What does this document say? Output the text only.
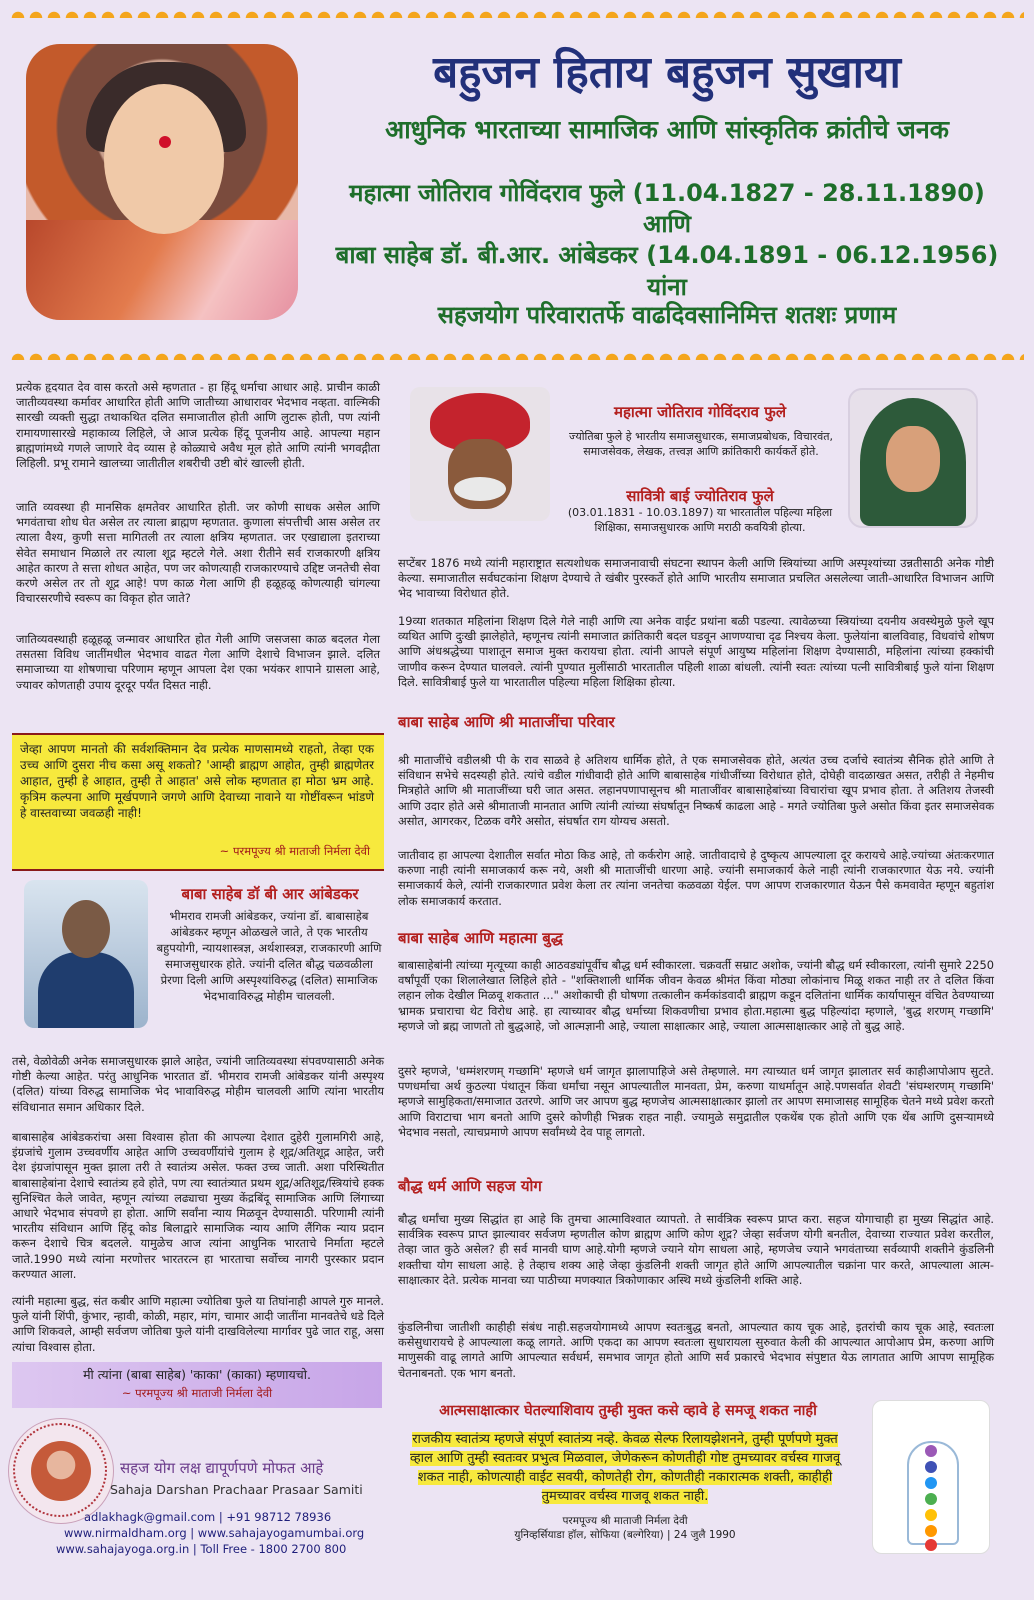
बहुजन हिताय बहुजन सुखाया
आधुनिक भारताच्या सामाजिक आणि सांस्कृतिक क्रांतीचे जनक
महात्मा जोतिराव गोविंदराव फुले (11.04.1827 - 28.11.1890)
आणि
बाबा साहेब डॉ. बी.आर. आंबेडकर (14.04.1891 - 06.12.1956)
यांना
सहजयोग परिवारातर्फे वाढदिवसानिमित्त शतशः प्रणाम

प्रत्येक हृदयात देव वास करतो असे म्हणतात - हा हिंदू धर्माचा आधार आहे. प्राचीन काळी जातीव्यवस्था कर्मावर आधारित होती आणि जातीच्या आधारावर भेदभाव नव्हता. वाल्मिकी सारखी व्यक्ती सुद्धा तथाकथित दलित समाजातील होती आणि लुटारू होती, पण त्यांनी रामायणासारखे महाकाव्य लिहिले, जे आज प्रत्येक हिंदू पूजनीय आहे. आपल्या महान ब्राह्मणांमध्ये गणले जाणारे वेद व्यास हे कोळ्याचे अवैध मूल होते आणि त्यांनी भगवद्गीता लिहिली. प्रभू रामाने खालच्या जातीतील शबरीची उष्टी बोरं खाल्ली होती.

जाति व्यवस्था ही मानसिक क्षमतेवर आधारित होती. जर कोणी साधक असेल आणि भगवंताचा शोध घेत असेल तर त्याला ब्राह्मण म्हणतात. कुणाला संपत्तीची आस असेल तर त्याला वैश्य, कुणी सत्ता मागितली तर त्याला क्षत्रिय म्हणतात. जर एखाद्याला इतराच्या सेवेत समाधान मिळाले तर त्याला शूद्र म्हटले गेले. अशा रीतीने सर्व राजकारणी क्षत्रिय आहेत कारण ते सत्ता शोधत आहेत, पण जर कोणत्याही राजकारण्याचे उद्दिष्ट जनतेची सेवा करणे असेल तर तो शूद्र आहे! पण काळ गेला आणि ही हळूहळू कोणत्याही चांगल्या विचारसरणीचे स्वरूप का विकृत होत जाते?

जातिव्यवस्थाही हळूहळू जन्मावर आधारित होत गेली आणि जसजसा काळ बदलत गेला तसतसा विविध जातींमधील भेदभाव वाढत गेला आणि देशाचे विभाजन झाले. दलित समाजाच्या या शोषणाचा परिणाम म्हणून आपला देश एका भयंकर शापाने ग्रासला आहे, ज्यावर कोणताही उपाय दूरदूर पर्यंत दिसत नाही.

जेव्हा आपण मानतो की सर्वशक्तिमान देव प्रत्येक माणसामध्ये राहतो, तेव्हा एक उच्च आणि दुसरा नीच कसा असू शकतो? 'आम्ही ब्राह्मण आहोत, तुम्ही ब्राह्मणेतर आहात, तुम्ही हे आहात, तुम्ही ते आहात' असे लोक म्हणतात हा मोठा भ्रम आहे. कृत्रिम कल्पना आणि मूर्खपणाने जगणे आणि देवाच्या नावाने या गोष्टींवरून भांडणे हे वास्तवाच्या जवळही नाही!

~ परमपूज्य श्री माताजी निर्मला देवी

बाबा साहेब डॉ बी आर आंबेडकर

भीमराव रामजी आंबेडकर, ज्यांना डॉ. बाबासाहेब आंबेडकर म्हणून ओळखले जाते, ते एक भारतीय बहुपयोगी, न्यायशास्त्रज्ञ, अर्थशास्त्रज्ञ, राजकारणी आणि समाजसुधारक होते. ज्यांनी दलित बौद्ध चळवळीला प्रेरणा दिली आणि अस्पृश्यांविरुद्ध (दलित) सामाजिक भेदभावाविरुद्ध मोहीम चालवली.

तसे, वेळोवेळी अनेक समाजसुधारक झाले आहेत, ज्यांनी जातिव्यवस्था संपवण्यासाठी अनेक गोष्टी केल्या आहेत. परंतु आधुनिक भारतात डॉ. भीमराव रामजी आंबेडकर यांनी अस्पृश्य (दलित) यांच्या विरुद्ध सामाजिक भेद भावाविरुद्ध मोहीम चालवली आणि त्यांना भारतीय संविधानात समान अधिकार दिले.

बाबासाहेब आंबेडकरांचा असा विश्वास होता की आपल्या देशात दुहेरी गुलामगिरी आहे, इंग्रजांचे गुलाम उच्चवर्णीय आहेत आणि उच्चवर्णीयांचे गुलाम हे शूद्र/अतिशूद्र आहेत, जरी देश इंग्रजांपासून मुक्त झाला तरी ते स्वातंत्र्य असेल. फक्त उच्च जाती. अशा परिस्थितीत बाबासाहेबांना देशाचे स्वातंत्र्य हवे होते, पण त्या स्वातंत्र्यात प्रथम शूद्र/अतिशूद्र/स्त्रियांचे हक्क सुनिश्चित केले जावेत, म्हणून त्यांच्या लढ्याचा मुख्य केंद्रबिंदू सामाजिक आणि लिंगाच्या आधारे भेदभाव संपवणे हा होता. आणि सर्वांना न्याय मिळवून देण्यासाठी. परिणामी त्यांनी भारतीय संविधान आणि हिंदू कोड बिलाद्वारे सामाजिक न्याय आणि लैंगिक न्याय प्रदान करून देशाचे चित्र बदलले. यामुळेच आज त्यांना आधुनिक भारताचे निर्माता म्हटले जाते.1990 मध्ये त्यांना मरणोत्तर भारतरत्न हा भारताचा सर्वोच्च नागरी पुरस्कार प्रदान करण्यात आला.

त्यांनी महात्मा बुद्ध, संत कबीर आणि महात्मा ज्योतिबा फुले या तिघांनाही आपले गुरु मानले. फुले यांनी शिंपी, कुंभार, न्हावी, कोळी, महार, मांग, चामार आदी जातींना मानवतेचे धडे दिले आणि शिकवले, आम्ही सर्वजण जोतिबा फुले यांनी दाखविलेल्या मार्गावर पुढे जात राहू, असा त्यांचा विश्वास होता.

मी त्यांना (बाबा साहेब) 'काका' (काका) म्हणायचो.

~ परमपूज्य श्री माताजी निर्मला देवी

सहज योग लक्ष द्यापूर्णपणे मोफत आहे

Sahaja Darshan Prachaar Prasaar Samiti

adlakhagk@gmail.com | +91 98712 78936

www.nirmaldham.org | www.sahajayogamumbai.org

www.sahajayoga.org.in | Toll Free - 1800 2700 800

महात्मा जोतिराव गोविंदराव फुले

ज्योतिबा फुले हे भारतीय समाजसुधारक, समाजप्रबोधक, विचारवंत, समाजसेवक, लेखक, तत्त्वज्ञ आणि क्रांतिकारी कार्यकर्ते होते.

सावित्री बाई ज्योतिराव फुले

(03.01.1831 - 10.03.1897) या भारतातील पहिल्या महिला शिक्षिका, समाजसुधारक आणि मराठी कवयित्री होत्या.

सप्टेंबर 1876 मध्ये त्यांनी महाराष्ट्रात सत्यशोधक समाजनावाची संघटना स्थापन केली आणि स्त्रियांच्या आणि अस्पृश्यांच्या उन्नतीसाठी अनेक गोष्टी केल्या. समाजातील सर्वघटकांना शिक्षण देण्याचे ते खंबीर पुरस्कर्ते होते आणि भारतीय समाजात प्रचलित असलेल्या जाती-आधारित विभाजन आणि भेद भावाच्या विरोधात होते.

19व्या शतकात महिलांना शिक्षण दिले गेले नाही आणि त्या अनेक वाईट प्रथांना बळी पडल्या. त्यावेळच्या स्त्रियांच्या दयनीय अवस्थेमुळे फुले खूप व्यथित आणि दुःखी झालेहोते, म्हणूनच त्यांनी समाजात क्रांतिकारी बदल घडवून आणण्याचा दृढ निश्चय केला. फुलेयांना बालविवाह, विधवांचे शोषण आणि अंधश्रद्धेच्या पाशातून समाज मुक्त करायचा होता. त्यांनी आपले संपूर्ण आयुष्य महिलांना शिक्षण देण्यासाठी, महिलांना त्यांच्या हक्कांची जाणीव करून देण्यात घालवले. त्यांनी पुण्यात मुलींसाठी भारतातील पहिली शाळा बांधली. त्यांनी स्वतः त्यांच्या पत्नी सावित्रीबाई फुले यांना शिक्षण दिले. सावित्रीबाई फुले या भारतातील पहिल्या महिला शिक्षिका होत्या.

बाबा साहेब आणि श्री माताजींचा परिवार

श्री माताजींचे वडीलश्री पी के राव साळवे हे अतिशय धार्मिक होते, ते एक समाजसेवक होते, अत्यंत उच्च दर्जाचे स्वातंत्र्य सैनिक होते आणि ते संविधान सभेचे सदस्यही होते. त्यांचे वडील गांधीवादी होते आणि बाबासाहेब गांधीजींच्या विरोधात होते, दोघेही वादळाखत असत, तरीही ते नेहमीच मित्रहोते आणि श्री माताजींच्या घरी जात असत. लहानपणापासूनच श्री माताजींवर बाबासाहेबांच्या विचारांचा खूप प्रभाव होता. ते अतिशय तेजस्वी आणि उदार होते असे श्रीमाताजी मानतात आणि त्यांनी त्यांच्या संघर्षातून निष्कर्ष काढला आहे - मगते ज्योतिबा फुले असोत किंवा इतर समाजसेवक असोत, आगरकर, टिळक वगैरे असोत, संघर्षात राग योग्यच असतो.

जातीवाद हा आपल्या देशातील सर्वात मोठा किड आहे, तो कर्करोग आहे. जातीवादाचे हे दुष्कृत्य आपल्याला दूर करायचे आहे.ज्यांच्या अंतःकरणात करुणा नाही त्यांनी समाजकार्य करू नये, अशी श्री माताजींची धारणा आहे. ज्यांनी समाजकार्य केले नाही त्यांनी राजकारणात येऊ नये. ज्यांनी समाजकार्य केले, त्यांनी राजकारणात प्रवेश केला तर त्यांना जनतेचा कळवळा येईल. पण आपण राजकारणात येऊन पैसे कमवावेत म्हणून बहुतांश लोक समाजकार्य करतात.

बाबा साहेब आणि महात्मा बुद्ध

बाबासाहेबांनी त्यांच्या मृत्यूच्या काही आठवड्यांपूर्वीच बौद्ध धर्म स्वीकारला. चक्रवर्ती सम्राट अशोक, ज्यांनी बौद्ध धर्म स्वीकारला, त्यांनी सुमारे 2250 वर्षांपूर्वी एका शिलालेखात लिहिले होते - "शक्तिशाली धार्मिक जीवन केवळ श्रीमंत किंवा मोठ्या लोकांनाच मिळू शकत नाही तर ते दलित किंवा लहान लोक देखील मिळवू शकतात ..." अशोकाची ही घोषणा तत्कालीन कर्मकांडवादी ब्राह्मण कडून दलितांना धार्मिक कार्यापासून वंचित ठेवण्याच्या भ्रामक प्रचाराचा थेट विरोध आहे. हा त्याच्यावर बौद्ध धर्माच्या शिकवणीचा प्रभाव होता.महात्मा बुद्ध पहिल्यांदा म्हणाले, 'बुद्ध शरणम् गच्छामि' म्हणजे जो ब्रह्म जाणतो तो बुद्धआहे, जो आत्मज्ञानी आहे, ज्याला साक्षात्कार आहे, ज्याला आत्मसाक्षात्कार आहे तो बुद्ध आहे.

दुसरे म्हणजे, 'धम्मंशरणम् गच्छामि' म्हणजे धर्म जागृत झालापाहिजे असे तेम्हणाले. मग त्याच्यात धर्म जागृत झालातर सर्व काहीआपोआप सुटते. पणधर्माचा अर्थ कुठल्या पंथातून किंवा धर्मांचा नसून आपल्यातील मानवता, प्रेम, करुणा याधर्मातून आहे.पणसर्वात शेवटी 'संघम्शरणम् गच्छामि' म्हणजे सामुहिकता/समाजात उतरणे. आणि जर आपण बुद्ध म्हणजेच आत्मसाक्षात्कार झालो तर आपण समाजासह सामूहिक चेतने मध्ये प्रवेश करतो आणि विराटाचा भाग बनतो आणि दुसरे कोणीही भिन्नक राहत नाही. ज्यामुळे समुद्रातील एकथेंब एक होतो आणि एक थेंब आणि दुसऱ्यामध्ये भेदभाव नसतो, त्याचप्रमाणे आपण सर्वांमध्ये देव पाहू लागतो.

बौद्ध धर्म आणि सहज योग

बौद्ध धर्मांचा मुख्य सिद्धांत हा आहे कि तुमचा आत्माविश्वात व्यापतो. ते सार्वत्रिक स्वरूप प्राप्त करा. सहज योगाचाही हा मुख्य सिद्धांत आहे. सार्वत्रिक स्वरूप प्राप्त झाल्यावर सर्वजण म्हणतील कोण ब्राह्मण आणि कोण शूद्र? जेव्हा सर्वजण योगी बनतील, देवाच्या राज्यात प्रवेश करतील, तेव्हा जात कुठे असेल? ही सर्व मानवी घाण आहे.योगी म्हणजे ज्याने योग साधला आहे, म्हणजेच ज्याने भगवंताच्या सर्वव्यापी शक्तीने कुंडलिनी शक्तीचा योग साधला आहे. हे तेव्हाच शक्य आहे जेव्हा कुंडलिनी शक्ती जागृत होते आणि आपल्यातील चक्रांना पार करते, आपल्याला आत्म-साक्षात्कार देते. प्रत्येक मानवा च्या पाठीच्या मणक्यात त्रिकोणाकार अस्थि मध्ये कुंडलिनी शक्ति आहे.

कुंडलिनीचा जातीशी काहीही संबंध नाही.सहजयोगामध्ये आपण स्वतःबुद्ध बनतो, आपल्यात काय चूक आहे, इतरांची काय चूक आहे, स्वतःला कसेसुधारायचे हे आपल्याला कळू लागते. आणि एकदा का आपण स्वतःला सुधारायला सुरुवात केली की आपल्यात आपोआप प्रेम, करुणा आणि माणुसकी वाढू लागते आणि आपल्यात सर्वधर्म, समभाव जागृत होतो आणि सर्व प्रकारचे भेदभाव संपुष्टात येऊ लागतात आणि आपण सामूहिक चेतनाबनतो. एक भाग बनतो.

आत्मसाक्षात्कार घेतल्याशिवाय तुम्ही मुक्त कसे व्हावे हे समजू शकत नाही

राजकीय स्वातंत्र्य म्हणजे संपूर्ण स्वातंत्र्य नव्हे. केवळ सेल्फ रिलायझेशनने, तुम्ही पूर्णपणे मुक्त व्हाल आणि तुम्ही स्वतःवर प्रभुत्व मिळवाल, जेणेकरून कोणतीही गोष्ट तुमच्यावर वर्चस्व गाजवू शकत नाही, कोणत्याही वाईट सवयी, कोणतेही रोग, कोणतीही नकारात्मक शक्ती, काहीही तुमच्यावर वर्चस्व गाजवू शकत नाही.

परमपूज्य श्री माताजी निर्मला देवी

युनिव्हर्सियाडा हॉल, सोफिया (बल्गेरिया) | 24 जुलै 1990
